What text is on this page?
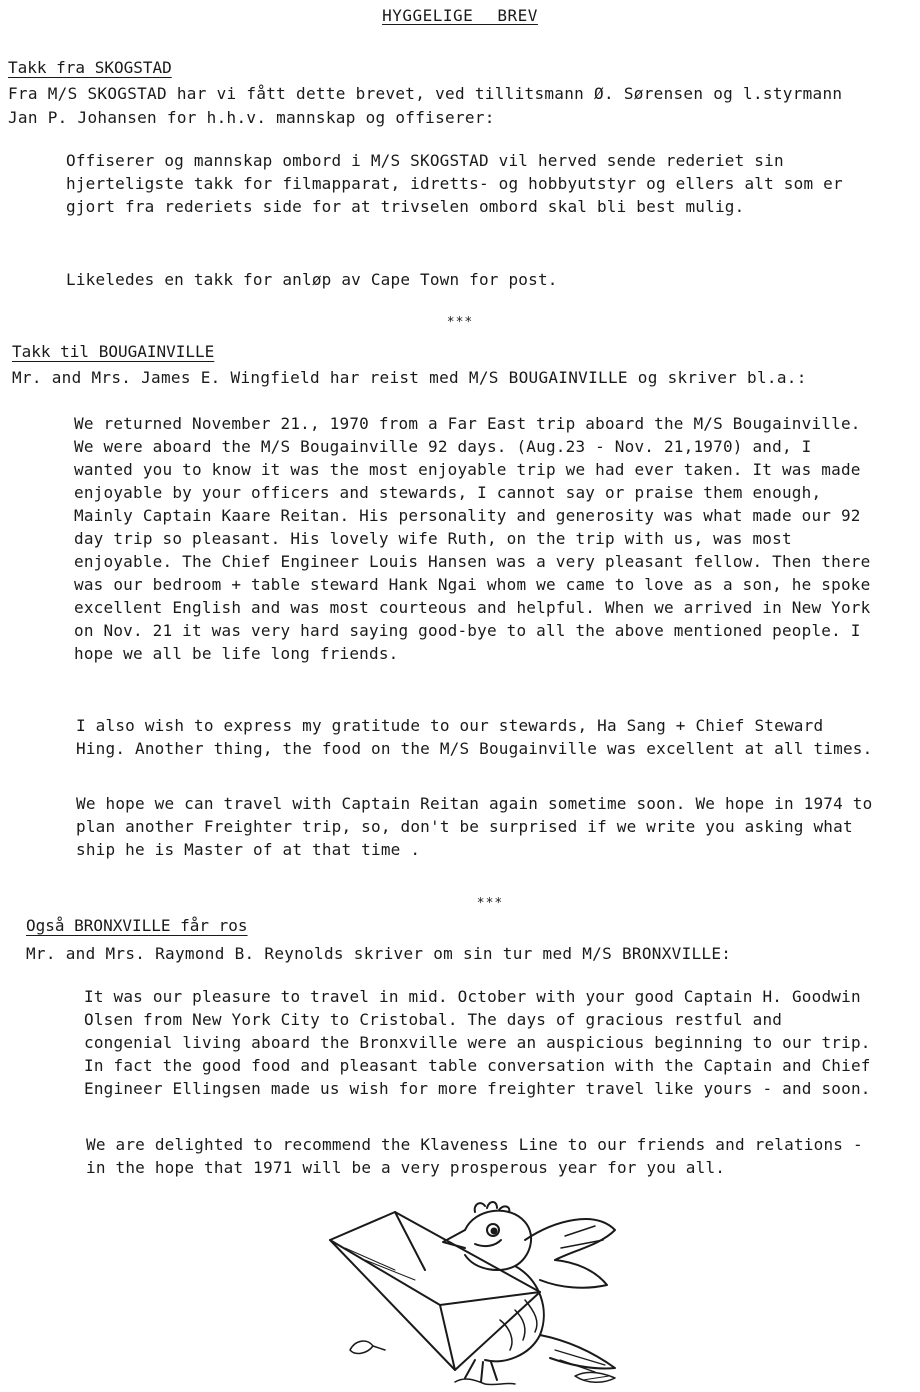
HYGGELIGE BREV
Takk fra SKOGSTAD
Fra M/S SKOGSTAD har vi fått dette brevet, ved tillitsmann Ø. Sørensen og l.styrmann Jan P. Johansen for h.h.v. mannskap og offiserer:
Offiserer og mannskap ombord i M/S SKOGSTAD vil herved sende rederiet sin hjerteligste takk for filmapparat, idretts- og hobbyutstyr og ellers alt som er gjort fra rederiets side for at trivselen ombord skal bli best mulig.
Likeledes en takk for anløp av Cape Town for post.
***
Takk til BOUGAINVILLE
Mr. and Mrs. James E. Wingfield har reist med M/S BOUGAINVILLE og skriver bl.a.:
We returned November 21., 1970 from a Far East trip aboard the M/S Bougainville. We were aboard the M/S Bougainville 92 days. (Aug.23 - Nov. 21,1970) and, I wanted you to know it was the most enjoyable trip we had ever taken. It was made enjoyable by your officers and stewards, I cannot say or praise them enough, Mainly Captain Kaare Reitan. His personality and generosity was what made our 92 day trip so pleasant. His lovely wife Ruth, on the trip with us, was most enjoyable. The Chief Engineer Louis Hansen was a very pleasant fellow. Then there was our bedroom + table steward Hank Ngai whom we came to love as a son, he spoke excellent English and was most courteous and helpful. When we arrived in New York on Nov. 21 it was very hard saying good-bye to all the above mentioned people. I hope we all be life long friends.
I also wish to express my gratitude to our stewards, Ha Sang + Chief Steward Hing. Another thing, the food on the M/S Bougainville was excellent at all times.
We hope we can travel with Captain Reitan again sometime soon. We hope in 1974 to plan another Freighter trip, so, don't be surprised if we write you asking what ship he is Master of at that time .
***
Også BRONXVILLE får ros
Mr. and Mrs. Raymond B. Reynolds skriver om sin tur med M/S BRONXVILLE:
It was our pleasure to travel in mid. October with your good Captain H. Goodwin Olsen from New York City to Cristobal. The days of gracious restful and congenial living aboard the Bronxville were an auspicious beginning to our trip. In fact the good food and pleasant table conversation with the Captain and Chief Engineer Ellingsen made us wish for more freighter travel like yours - and soon.
We are delighted to recommend the Klaveness Line to our friends and relations - in the hope that 1971 will be a very prosperous year for you all.
